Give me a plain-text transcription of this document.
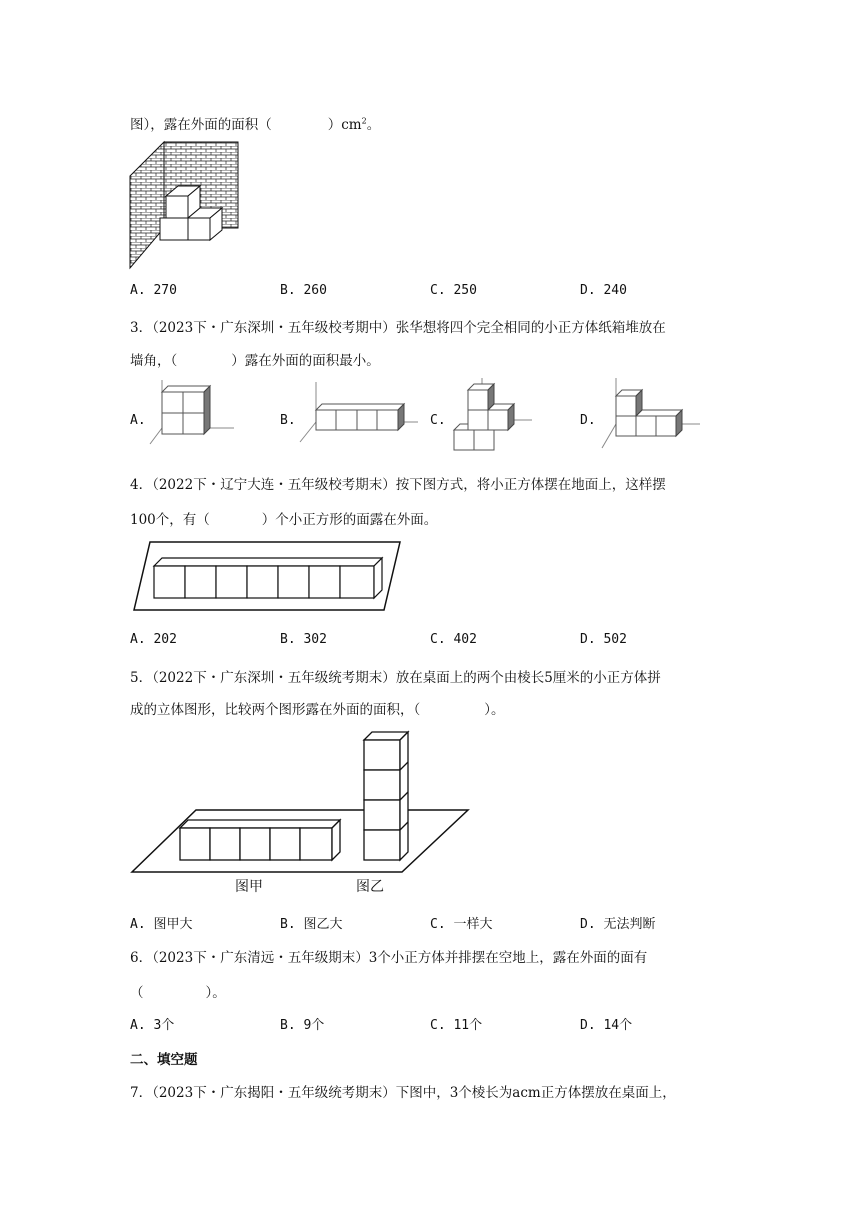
图），露在外面的面积（	）$cm^2$。
A. 270	B. 260	C. 250	D. 240
3．（2023下・广东深圳・五年级校考期中）张华想将四个完全相同的小正方体纸箱堆放在
墙角，（	）露在外面的面积最小。
A.	B.	C.	D.
4．（2022下・辽宁大连・五年级校考期末）按下图方式，将小正方体摆在地面上，这样摆
100个，有（	）个小正方形的面露在外面。
A. 202	B. 302	C. 402	D. 502
5．（2022下・广东深圳・五年级统考期末）放在桌面上的两个由棱长5厘米的小正方体拼
成的立体图形，比较两个图形露在外面的面积，（	）。
图甲	图乙
A. 图甲大	B. 图乙大	C. 一样大	D. 无法判断
6．（2023下・广东清远・五年级期末）3个小正方体并排摆在空地上，露在外面的面有
（	）。
A. 3个	B. 9个	C. 11个	D. 14个
二、填空题
7．（2023下・广东揭阳・五年级统考期末）下图中，3个棱长为acm正方体摆放在桌面上，
